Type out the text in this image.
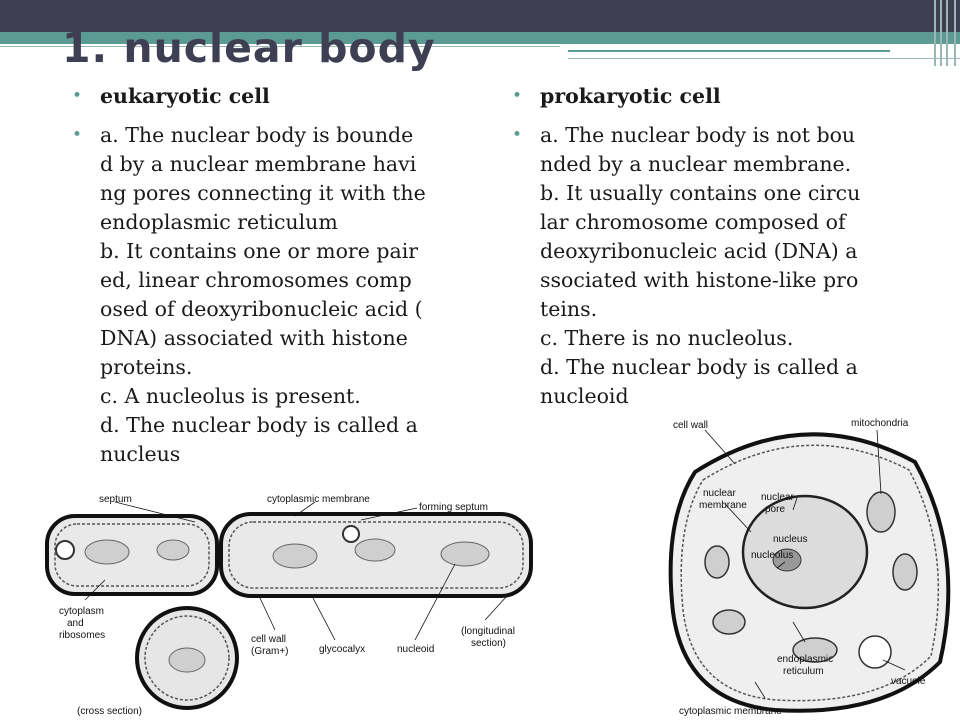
1. nuclear body
• eukaryotic cell
• a. The nuclear body is bounde
d by a nuclear membrane havi
ng pores connecting it with the
endoplasmic reticulum
b. It contains one or more pair
ed, linear chromosomes comp
osed of deoxyribonucleic acid (
DNA) associated with histone
proteins.
c. A nucleolus is present.
d. The nuclear body is called a
nucleus
• prokaryotic cell
• a. The nuclear body is not bou
nded by a nuclear membrane.
b. It usually contains one circu
lar chromosome composed of
deoxyribonucleic acid (DNA) a
ssociated with histone-like pro
teins.
c. There is no nucleolus.
d. The nuclear body is called a
nucleoid
septum	cytoplasmic membrane
forming septum
cytoplasm
and
ribosomes	cell wall
(Gram+)	glycocalyx	nucleoid
(longitudinal
section)
(cross section)
cell wall	mitochondria
nuclear
membrane
nuclear
pore
nucleus
nucleolus
endoplasmic
reticulum
vacuole
cytoplasmic membrane
